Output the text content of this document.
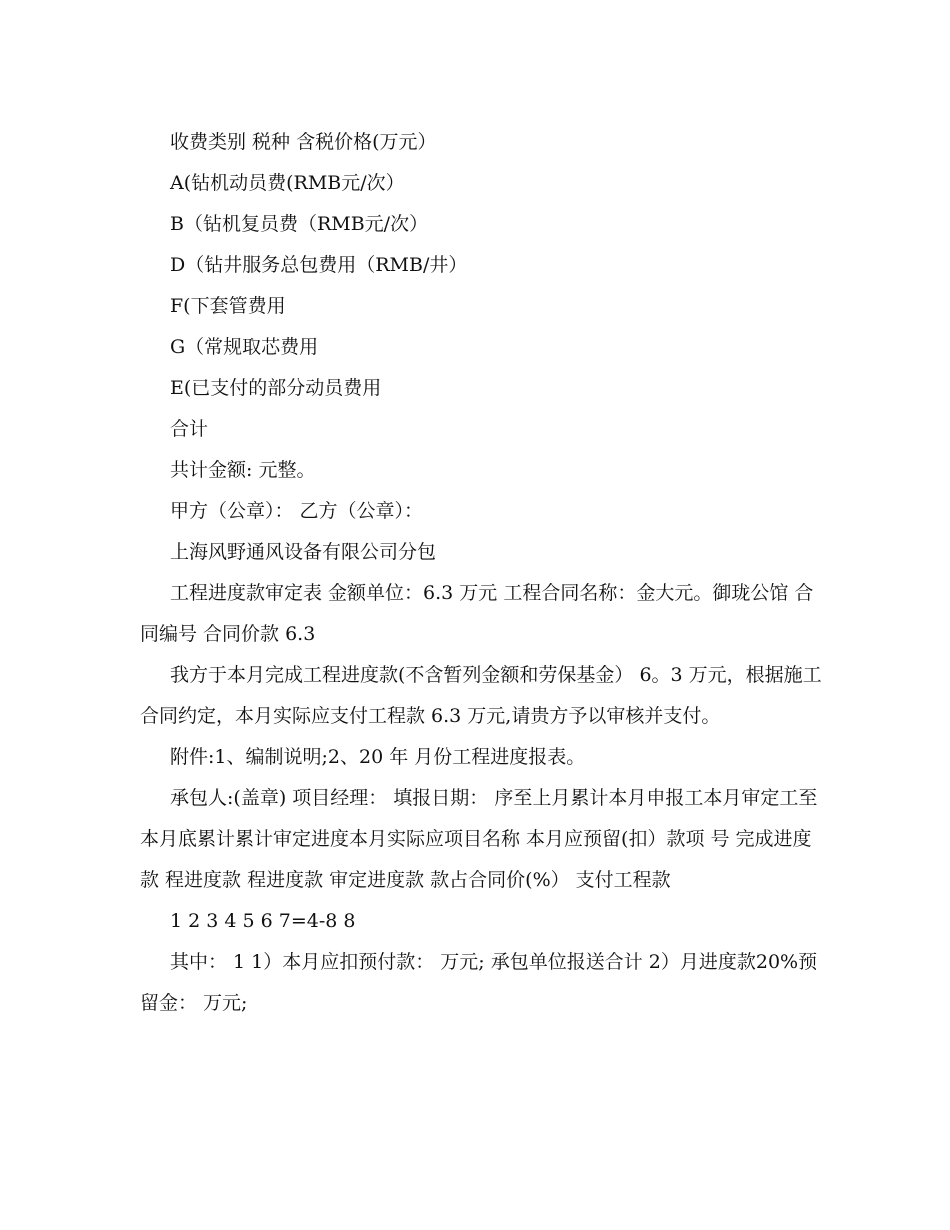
收费类别 税种 含税价格(万元）

A(钻机动员费(RMB元/次）

B（钻机复员费（RMB元/次）

D（钻井服务总包费用（RMB/井）

F(下套管费用

G（常规取芯费用

E(已支付的部分动员费用

合计

共计金额: 元整。

甲方（公章）： 乙方（公章）：

上海风野通风设备有限公司分包

工程进度款审定表 金额单位：6.3 万元 工程合同名称：金大元。御珑公馆 合同编号 合同价款 6.3

我方于本月完成工程进度款(不含暂列金额和劳保基金） 6。3 万元，根据施工合同约定，本月实际应支付工程款 6.3 万元,请贵方予以审核并支付。

附件:1、编制说明;2、20 年 月份工程进度报表。

承包人:(盖章) 项目经理： 填报日期： 序至上月累计本月申报工本月审定工至本月底累计累计审定进度本月实际应项目名称 本月应预留(扣）款项 号 完成进度款 程进度款 程进度款 审定进度款 款占合同价(%） 支付工程款

1 2 3 4 5 6 7=4-8 8

其中： 1 1）本月应扣预付款： 万元; 承包单位报送合计 2）月进度款20%预留金： 万元;
